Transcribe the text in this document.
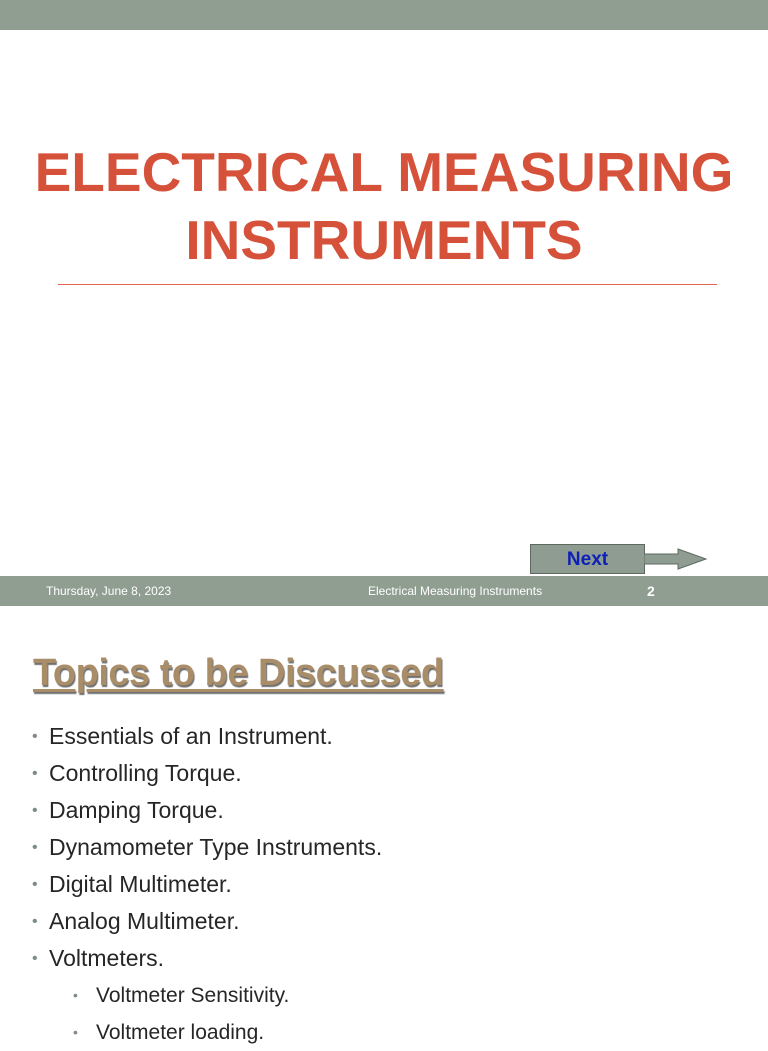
ELECTRICAL MEASURING
INSTRUMENTS
Next
Thursday, June 8, 2023	Electrical Measuring Instruments	2
Topics to be Discussed
• Essentials of an Instrument.
• Controlling Torque.
• Damping Torque.
• Dynamometer Type Instruments.
• Digital Multimeter.
• Analog Multimeter.
• Voltmeters.
• Voltmeter Sensitivity.
• Voltmeter loading.
